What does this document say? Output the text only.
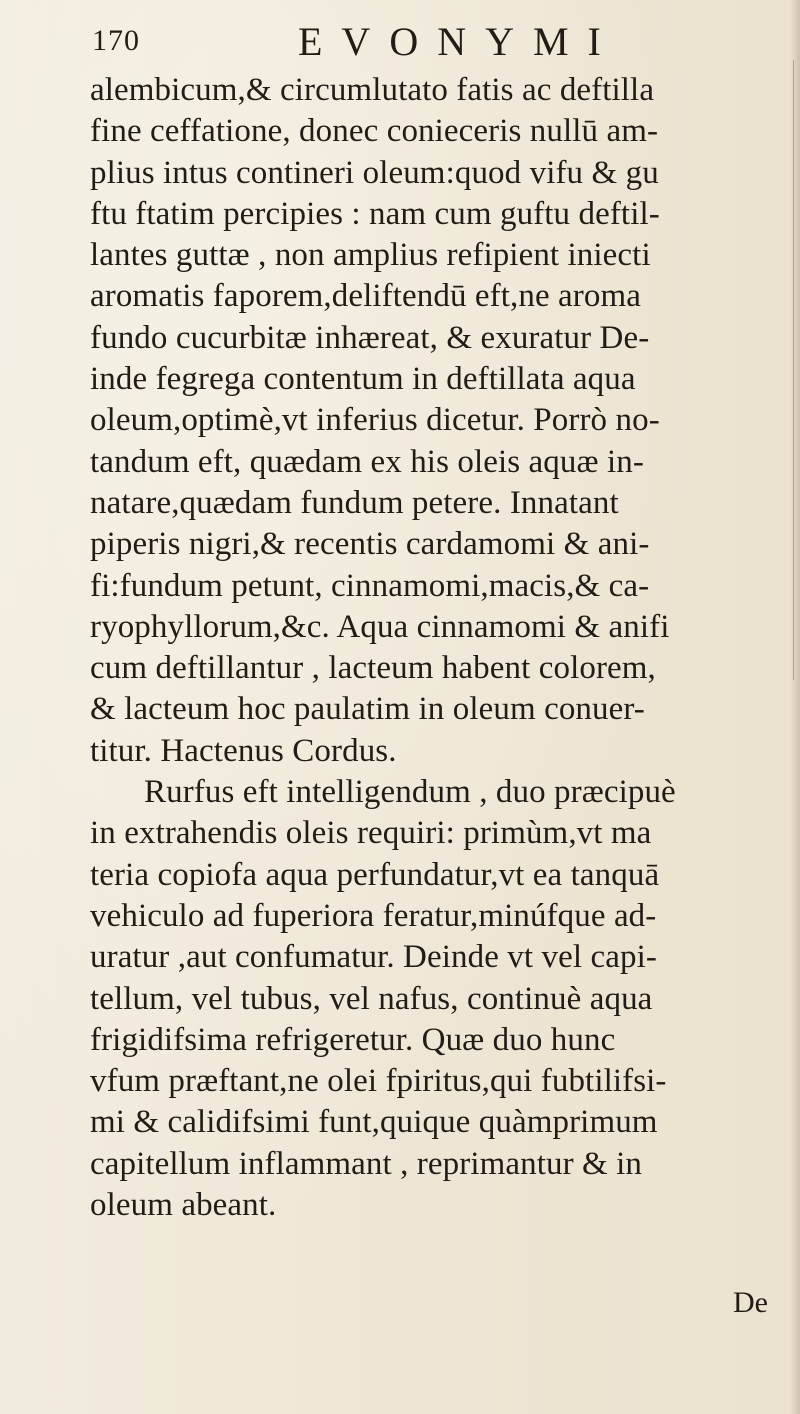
170	EVONYMI
alembicum,& circumlutato fatis ac deftilla
fine ceffatione, donec conieceris nullū am-
plius intus contineri oleum:quod vifu & gu
ftu ftatim percipies : nam cum guftu deftil-
lantes guttæ , non amplius refipient iniecti
aromatis faporem,deliftendū eft,ne aroma
fundo cucurbitæ inhæreat, & exuratur De-
inde fegrega contentum in deftillata aqua
oleum,optimè,vt inferius dicetur. Porrò no-
tandum eft, quædam ex his oleis aquæ in-
natare,quædam fundum petere. Innatant
piperis nigri,& recentis cardamomi & ani-
fi:fundum petunt, cinnamomi,macis,& ca-
ryophyllorum,&c. Aqua cinnamomi & anifi
cum deftillantur , lacteum habent colorem,
& lacteum hoc paulatim in oleum conuer-
titur. Hactenus Cordus.
Rurfus eft intelligendum , duo præcipuè
in extrahendis oleis requiri: primùm,vt ma
teria copiofa aqua perfundatur,vt ea tanquā
vehiculo ad fuperiora feratur,minúfque ad-
uratur ,aut confumatur. Deinde vt vel capi-
tellum, vel tubus, vel nafus, continuè aqua
frigidifsima refrigeretur. Quæ duo hunc
vfum præftant,ne olei fpiritus,qui fubtilifsi-
mi & calidifsimi funt,quique quàmprimum
capitellum inflammant , reprimantur & in
oleum abeant.
De
